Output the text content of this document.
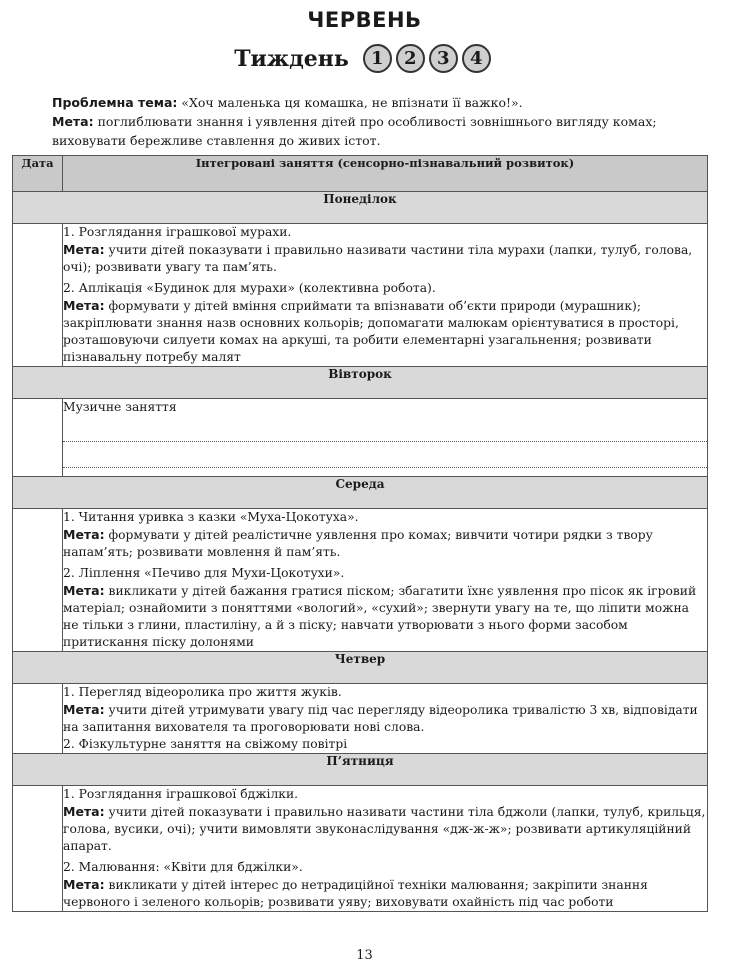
ЧЕРВЕНЬ
Тиждень	1	2	3	4

Проблемна тема: «Хоч маленька ця комашка, не впізнати її важко!».

Мета: поглиблювати знання і уявлення дітей про особливості зовнішнього вигляду комах; виховувати бережливе ставлення до живих істот.

Дата	Інтегровані заняття (сенсорно-пізнавальний розвиток)
Понеділок	

	1. Розглядання іграшкової мурахи.

Мета: учити дітей показувати і правильно називати частини тіла мурахи (лапки, тулуб, голова, очі); розвивати увагу та пам’ять.

2. Аплікація «Будинок для мурахи» (колективна робота).

Мета: формувати у дітей вміння сприймати та впізнавати об’єкти природи (мурашник); закріплювати знання назв основних кольорів; допомагати малюкам орієнтуватися в просторі, розташовуючи силуети комах на аркуші, та робити елементарні узагальнення; розвивати пізнавальну потребу малят

Вівторок	

	Музичне заняття

Середа	

	1. Читання уривка з казки «Муха-Цокотуха».

Мета: формувати у дітей реалістичне уявлення про комах; вивчити чотири рядки з твору напам’ять; розвивати мовлення й пам’ять.

2. Ліплення «Печиво для Мухи-Цокотухи».

Мета: викликати у дітей бажання гратися піском; збагатити їхнє уявлення про пісок як ігровий матеріал; ознайомити з поняттями «вологий», «сухий»; звернути увагу на те, що ліпити можна не тільки з глини, пластиліну, а й з піску; навчати утворювати з нього форми засобом притискання піску долонями

Четвер	

	1. Перегляд відеоролика про життя жуків.

Мета: учити дітей утримувати увагу під час перегляду відеоролика тривалістю 3 хв, відповідати на запитання вихователя та проговорювати нові слова.

2. Фізкультурне заняття на свіжому повітрі

П’ятниця	

	1. Розглядання іграшкової бджілки.

Мета: учити дітей показувати і правильно називати частини тіла бджоли (лапки, тулуб, крильця, голова, вусики, очі); учити вимовляти звуконаслідування «дж-ж-ж»; розвивати артикуляційний апарат.

2. Малювання: «Квіти для бджілки».

Мета: викликати у дітей інтерес до нетрадиційної техніки малювання; закріпити знання червоного і зеленого кольорів; розвивати уяву; виховувати охайність під час роботи

13
